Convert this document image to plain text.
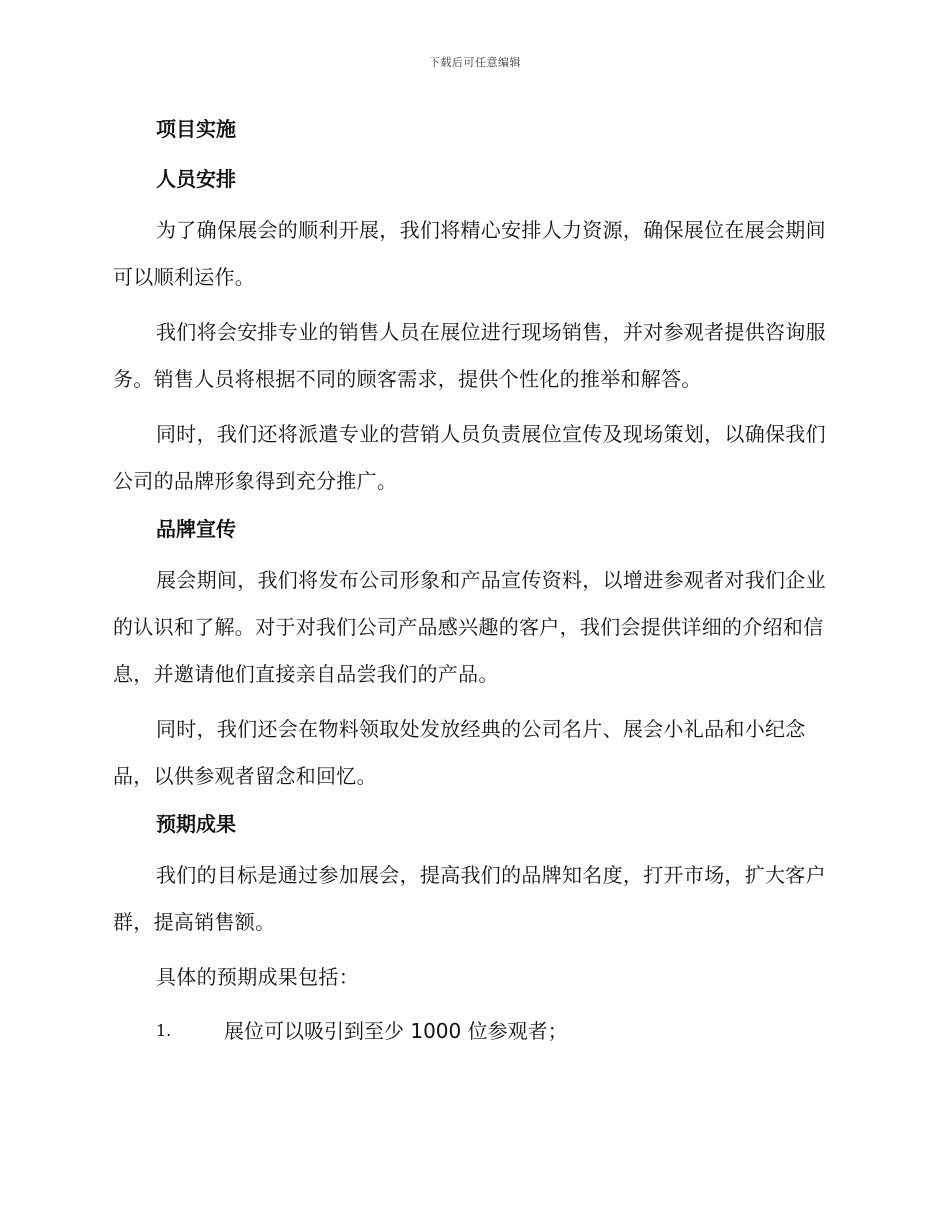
下载后可任意编辑
项目实施
人员安排

为了确保展会的顺利开展，我们将精心安排人力资源，确保展位在展会期间可以顺利运作。

我们将会安排专业的销售人员在展位进行现场销售，并对参观者提供咨询服务。销售人员将根据不同的顾客需求，提供个性化的推举和解答。

同时，我们还将派遣专业的营销人员负责展位宣传及现场策划，以确保我们公司的品牌形象得到充分推广。

品牌宣传

展会期间，我们将发布公司形象和产品宣传资料，以增进参观者对我们企业的认识和了解。对于对我们公司产品感兴趣的客户，我们会提供详细的介绍和信息，并邀请他们直接亲自品尝我们的产品。

同时，我们还会在物料领取处发放经典的公司名片、展会小礼品和小纪念品，以供参观者留念和回忆。

预期成果

我们的目标是通过参加展会，提高我们的品牌知名度，打开市场，扩大客户群，提高销售额。

具体的预期成果包括：

1.	展位可以吸引到至少 1000 位参观者；
